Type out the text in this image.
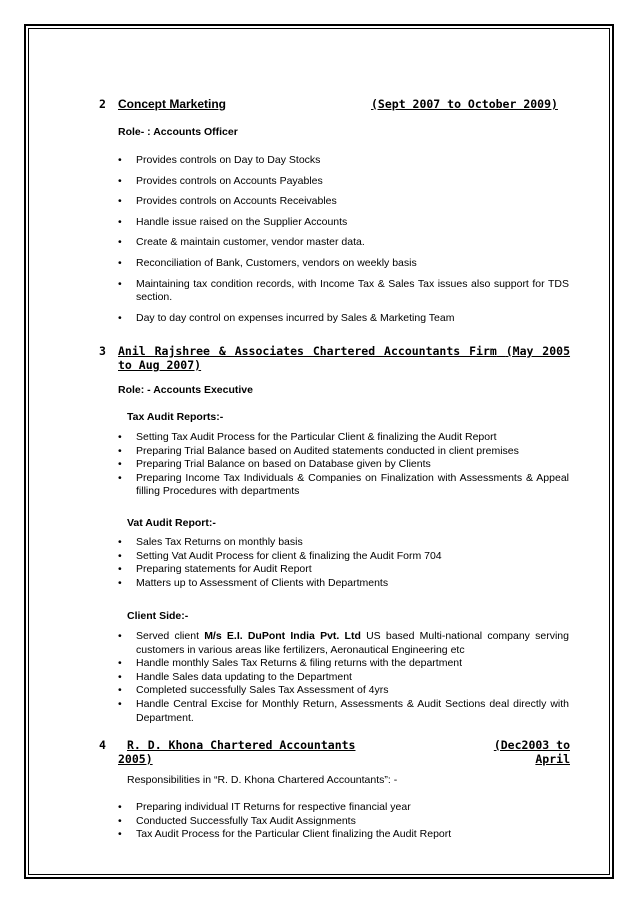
2 Concept Marketing	(Sept 2007 to October 2009)
Role- : Accounts Officer
• Provides controls on Day to Day Stocks
• Provides controls on Accounts Payables
• Provides controls on Accounts Receivables
• Handle issue raised on the Supplier Accounts
• Create & maintain customer, vendor master data.
• Reconciliation of Bank, Customers, vendors on weekly basis
• Maintaining tax condition records, with Income Tax & Sales Tax issues also support for TDS section.
• Day to day control on expenses incurred by Sales & Marketing Team
3 Anil Rajshree & Associates Chartered Accountants Firm (May 2005 to Aug 2007)
Role: - Accounts Executive
Tax Audit Reports:-
• Setting Tax Audit Process for the Particular Client & finalizing the Audit Report
• Preparing Trial Balance based on Audited statements conducted in client premises
• Preparing Trial Balance on based on Database given by Clients
• Preparing Income Tax Individuals & Companies on Finalization with Assessments & Appeal filling Procedures with departments
Vat Audit Report:-
• Sales Tax Returns on monthly basis
• Setting Vat Audit Process for client & finalizing the Audit Form 704
• Preparing statements for Audit Report
• Matters up to Assessment of Clients with Departments
Client Side:-
• Served client M/s E.I. DuPont India Pvt. Ltd US based Multi-national company serving customers in various areas like fertilizers, Aeronautical Engineering etc
• Handle monthly Sales Tax Returns & filing returns with the department
• Handle Sales data updating to the Department
• Completed successfully Sales Tax Assessment of 4yrs
• Handle Central Excise for Monthly Return, Assessments & Audit Sections deal directly with Department.
4 R. D. Khona Chartered Accountants	(Dec2003 to April
2005)
Responsibilities in “R. D. Khona Chartered Accountants”: -
• Preparing individual IT Returns for respective financial year
• Conducted Successfully Tax Audit Assignments
• Tax Audit Process for the Particular Client finalizing the Audit Report
